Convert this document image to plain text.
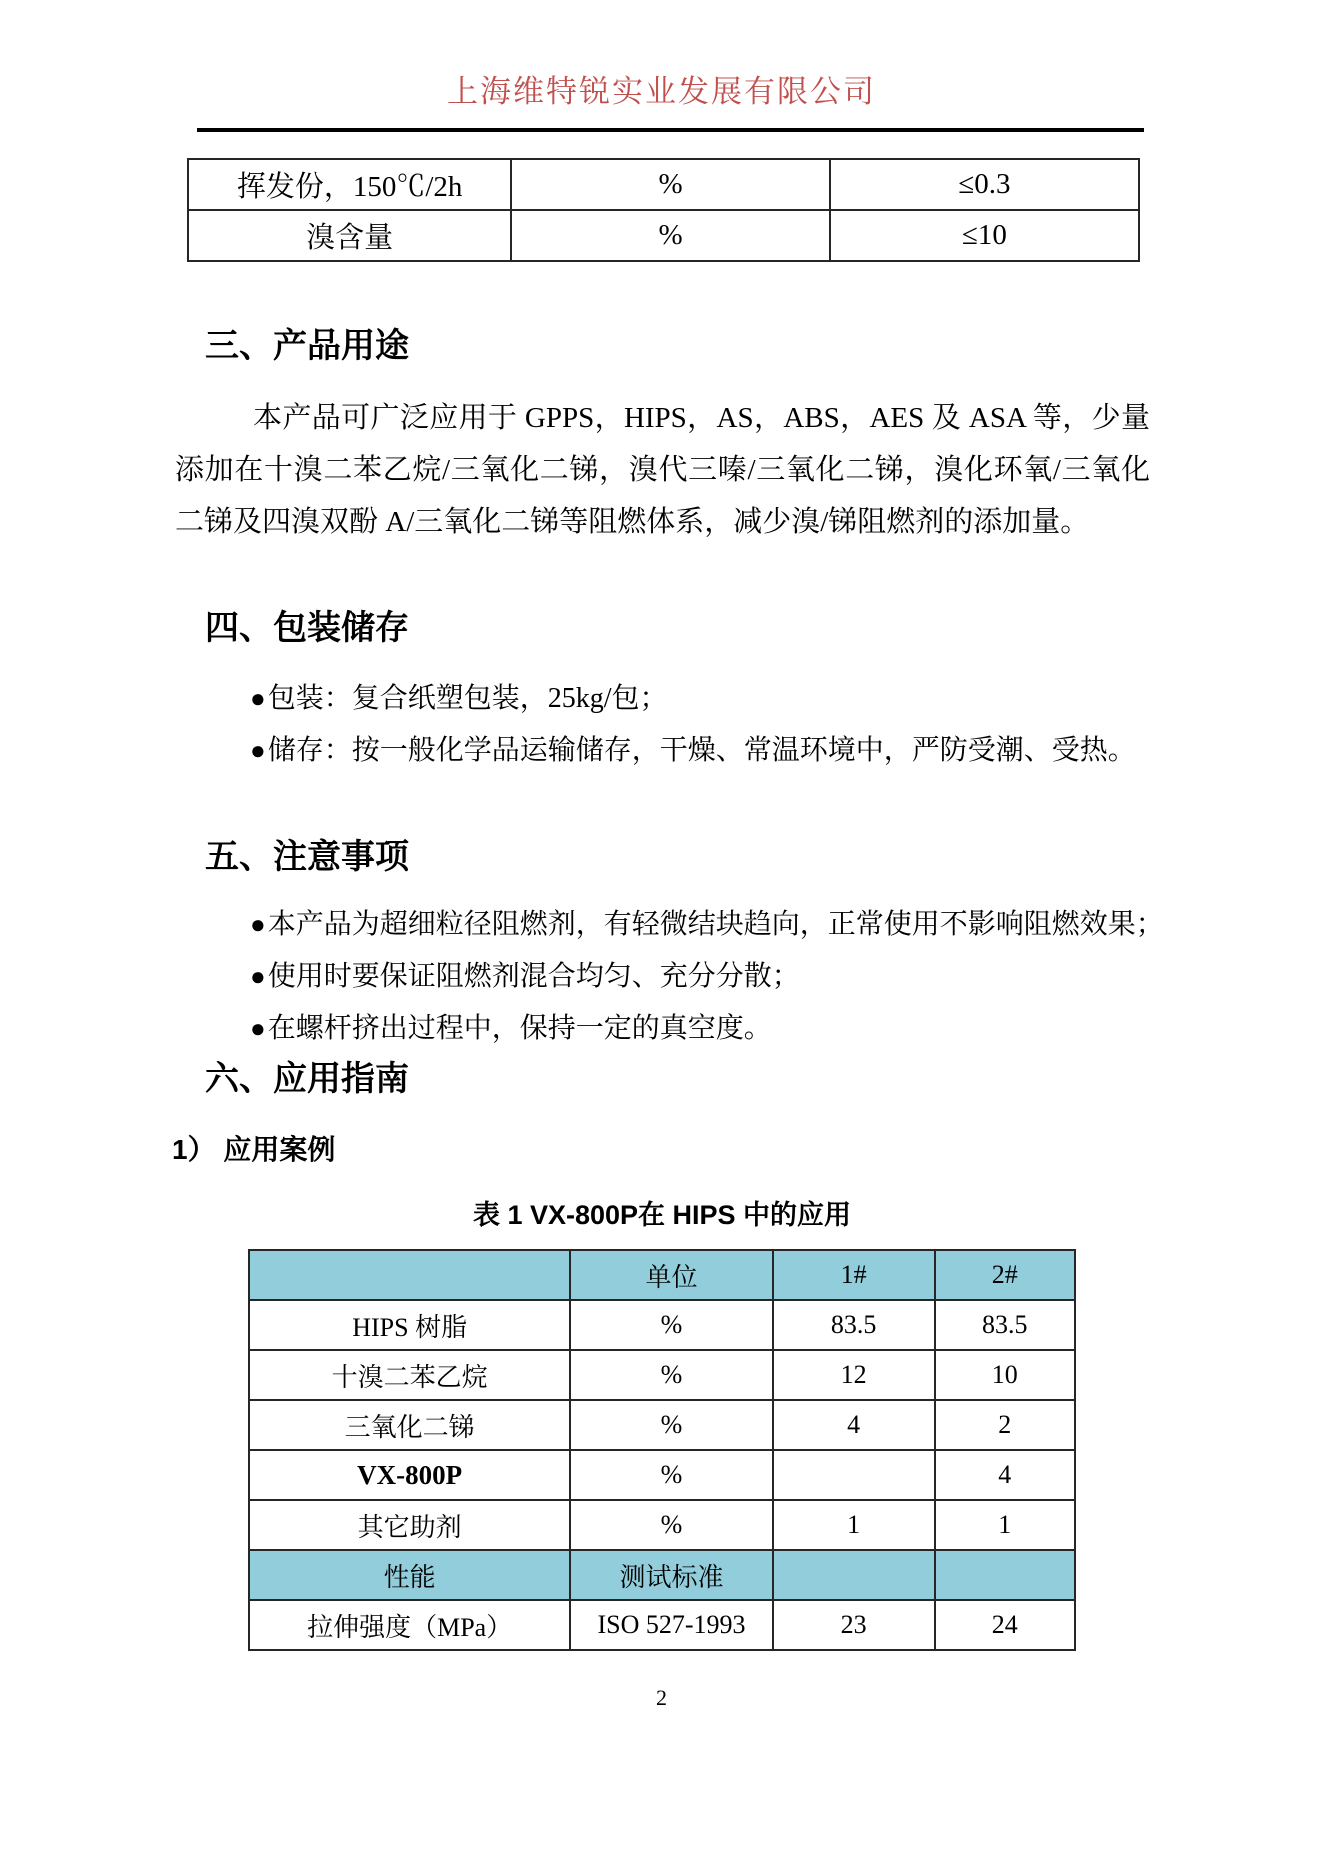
上海维特锐实业发展有限公司
挥发份，150℃/2h	%	≤0.3
溴含量	%	≤10
三、产品用途

本产品可广泛应用于 GPPS，HIPS，AS，ABS，AES 及 ASA 等，少量添加在十溴二苯乙烷/三氧化二锑，溴代三嗪/三氧化二锑，溴化环氧/三氧化二锑及四溴双酚 A/三氧化二锑等阻燃体系，减少溴/锑阻燃剂的添加量。

四、包装储存
●包装：复合纸塑包装，25kg/包；
●储存：按一般化学品运输储存，干燥、常温环境中，严防受潮、受热。
五、注意事项
●本产品为超细粒径阻燃剂，有轻微结块趋向，正常使用不影响阻燃效果；
●使用时要保证阻燃剂混合均匀、充分分散；
●在螺杆挤出过程中，保持一定的真空度。
六、应用指南
1） 应用案例
表 1 VX-800P在 HIPS 中的应用
	单位	1#	2#
HIPS 树脂	%	83.5	83.5
十溴二苯乙烷	%	12	10
三氧化二锑	%	4	2
VX-800P	%		4
其它助剂	%	1	1
性能	测试标准		
拉伸强度（MPa）	ISO 527-1993	23	24
2
